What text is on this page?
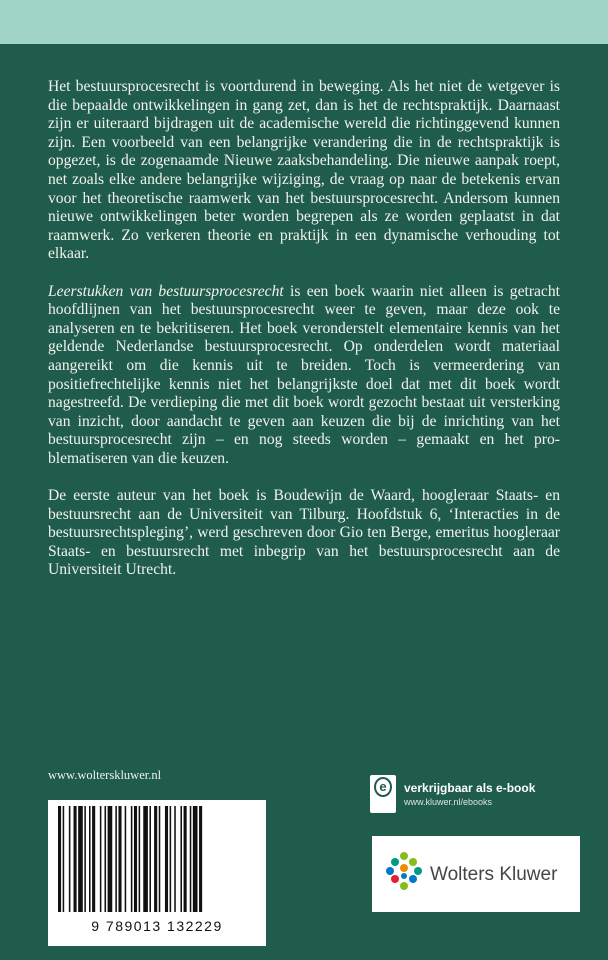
Het bestuursprocesrecht is voortdurend in beweging. Als het niet de wetgever is die bepaalde ontwikkelingen in gang zet, dan is het de rechtspraktijk. Daarnaast zijn er uiteraard bijdragen uit de academische wereld die richtinggevend kunnen zijn. Een voorbeeld van een belangrijke verandering die in de rechtspraktijk is opgezet, is de zogenaamde Nieuwe zaaksbehandeling. Die nieuwe aanpak roept, net zoals elke andere belangrijke wijziging, de vraag op naar de betekenis ervan voor het theoretische raamwerk van het bestuursprocesrecht. Andersom kunnen nieuwe ontwikkelingen beter worden begrepen als ze worden geplaatst in dat raamwerk. Zo verkeren theorie en praktijk in een dynamische verhouding tot elkaar.

Leerstukken van bestuursprocesrecht is een boek waarin niet alleen is getracht hoofdlijnen van het bestuursprocesrecht weer te geven, maar deze ook te analyseren en te bekritiseren. Het boek veronderstelt elementaire kennis van het geldende Nederlandse bestuursprocesrecht. Op onderdelen wordt materiaal aangereikt om die kennis uit te breiden. Toch is vermeerdering van positiefrechtelijke kennis niet het belangrijkste doel dat met dit boek wordt nagestreefd. De verdieping die met dit boek wordt gezocht bestaat uit versterking van inzicht, door aandacht te geven aan keuzen die bij de inrichting van het bestuursprocesrecht zijn – en nog steeds worden – gemaakt en het problematiseren van die keuzen.

De eerste auteur van het boek is Boudewijn de Waard, hoogleraar Staats- en bestuursrecht aan de Universiteit van Tilburg. Hoofdstuk 6, ‘Interacties in de bestuursrechtspleging’, werd geschreven door Gio ten Berge, emeritus hoogleraar Staats- en bestuursrecht met inbegrip van het bestuursprocesrecht aan de Universiteit Utrecht.

www.wolterskluwer.nl
9 789013 132229
e	verkrijgbaar als e-book
www.kluwer.nl/ebooks
Wolters Kluwer
